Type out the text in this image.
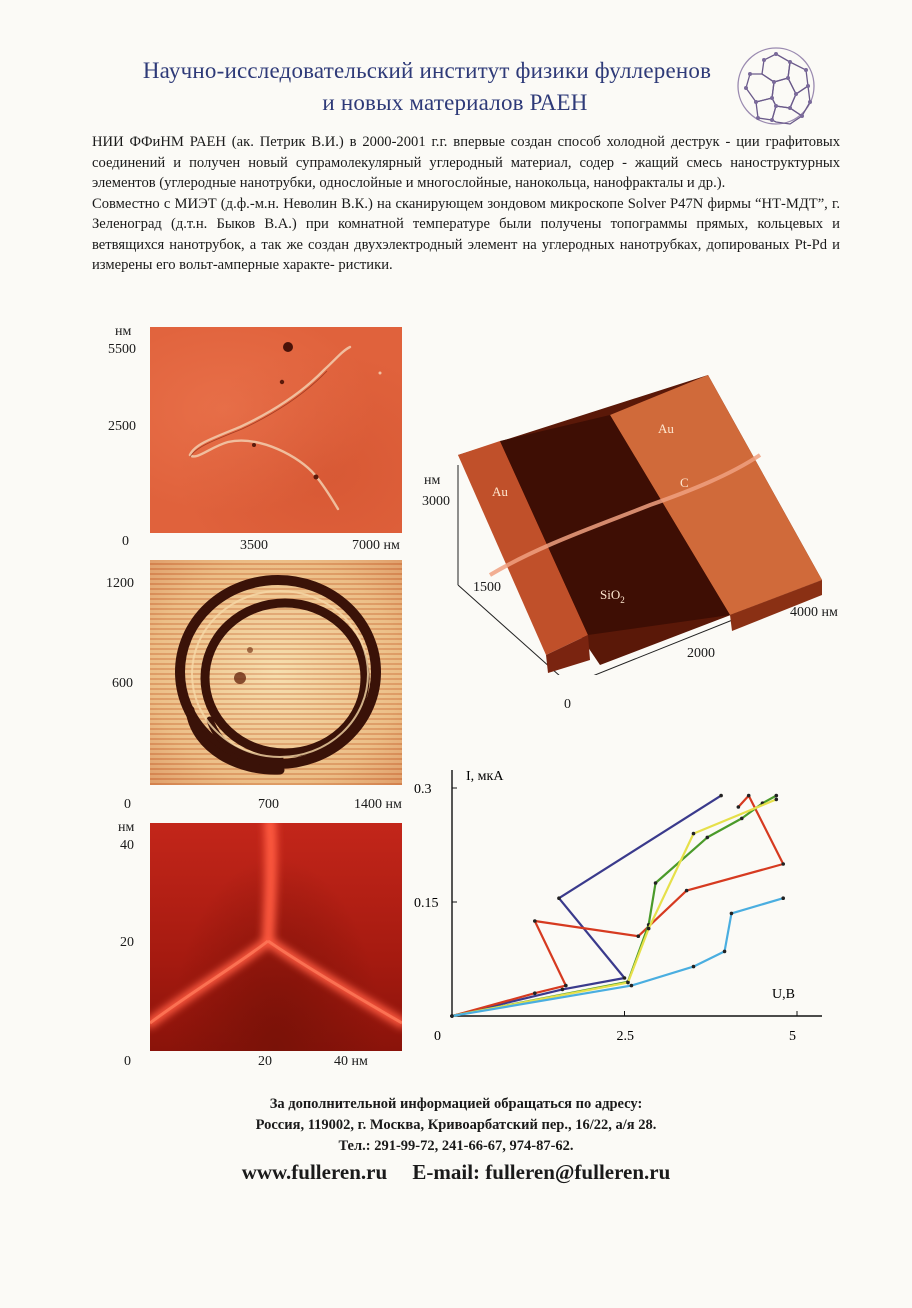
Научно-исследовательский институт физики фуллеренов
и новых материалов РАЕН

НИИ ФФиНМ РАЕН (ак. Петрик В.И.) в 2000-2001 г.г. впервые создан способ холодной деструк - ции графитовых соединений и получен новый супрамолекулярный углеродный материал, содер - жащий смесь наноструктурных элементов (углеродные нанотрубки, однослойные и многослойные, нанокольца, нанофракталы и др.).

Совместно с МИЭТ (д.ф.-м.н. Неволин В.К.) на сканирующем зондовом микроскопе Solver P47N фирмы “НТ-МДТ”, г. Зеленоград (д.т.н. Быков В.А.) при комнатной температуре были получены топограммы прямых, кольцевых и ветвящихся нанотрубок, а так же создан двухэлектродный элемент на углеродных нанотрубках, допированых Pt-Pd и измерены его вольт-амперные характе- ристики.

нм
5500
2500
0	3500	7000 нм
1200
600
0	700	1400 нм
нм
40
20
0	20	40 нм
нм
3000
1500
0
2000
4000 нм
Au
Au
C
SiO$_2$
0	2.5	5
0.15
0.3
I, мкА
U,B
За дополнительной информацией обращаться по адресу:
Россия, 119002, г. Москва, Кривоарбатский пер., 16/22, а/я 28.
Тел.: 291-99-72, 241-66-67, 974-87-62.
www.fulleren.ru E-mail: fulleren@fulleren.ru
